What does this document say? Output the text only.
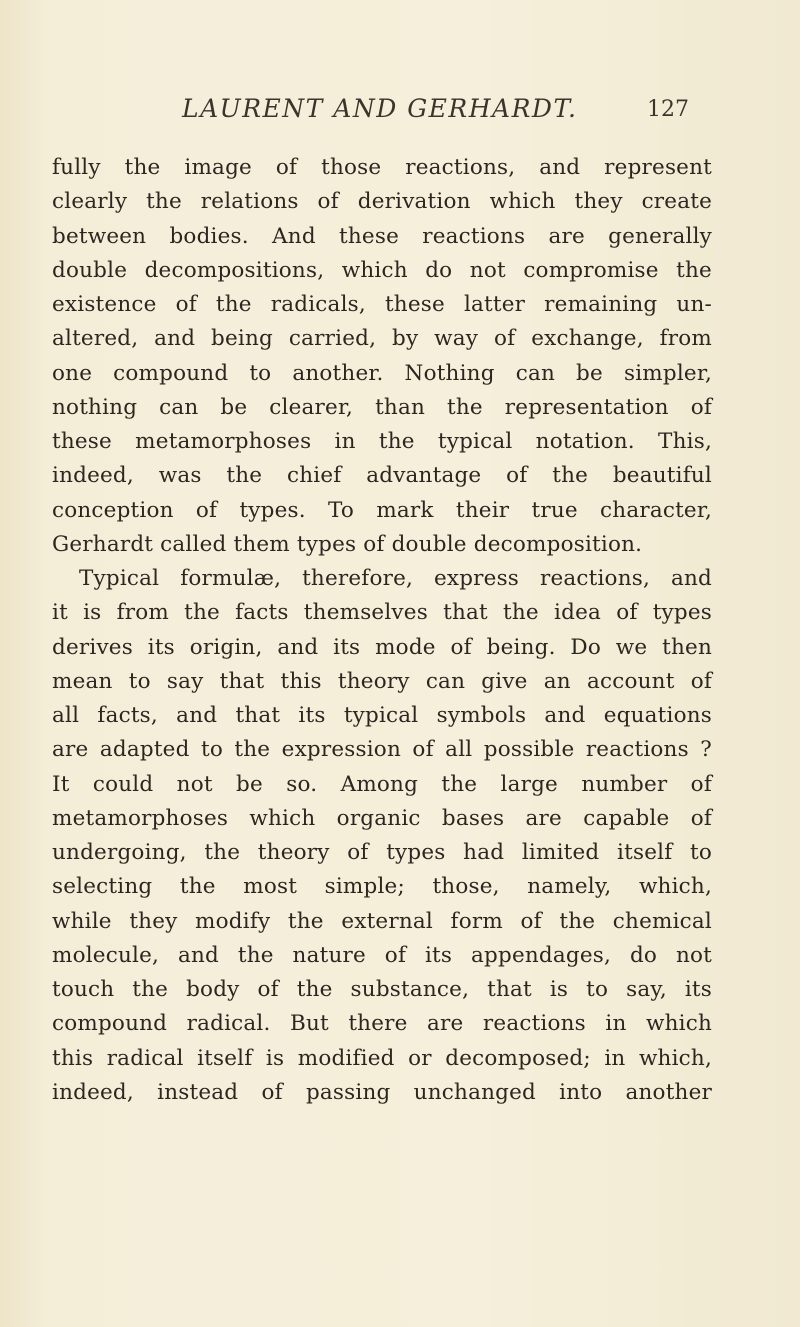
LAURENT AND GERHARDT.	127
fully the image of those reactions, and represent
clearly the relations of derivation which they create
between bodies. And these reactions are generally
double decompositions, which do not compromise the
existence of the radicals, these latter remaining un-
altered, and being carried, by way of exchange, from
one compound to another. Nothing can be simpler,
nothing can be clearer, than the representation of
these metamorphoses in the typical notation. This,
indeed, was the chief advantage of the beautiful
conception of types. To mark their true character,
Gerhardt called them types of double decomposition.
Typical formulæ, therefore, express reactions, and
it is from the facts themselves that the idea of types
derives its origin, and its mode of being. Do we then
mean to say that this theory can give an account of
all facts, and that its typical symbols and equations
are adapted to the expression of all possible reactions ?
It could not be so. Among the large number of
metamorphoses which organic bases are capable of
undergoing, the theory of types had limited itself to
selecting the most simple; those, namely, which,
while they modify the external form of the chemical
molecule, and the nature of its appendages, do not
touch the body of the substance, that is to say, its
compound radical. But there are reactions in which
this radical itself is modified or decomposed; in which,
indeed, instead of passing unchanged into another
